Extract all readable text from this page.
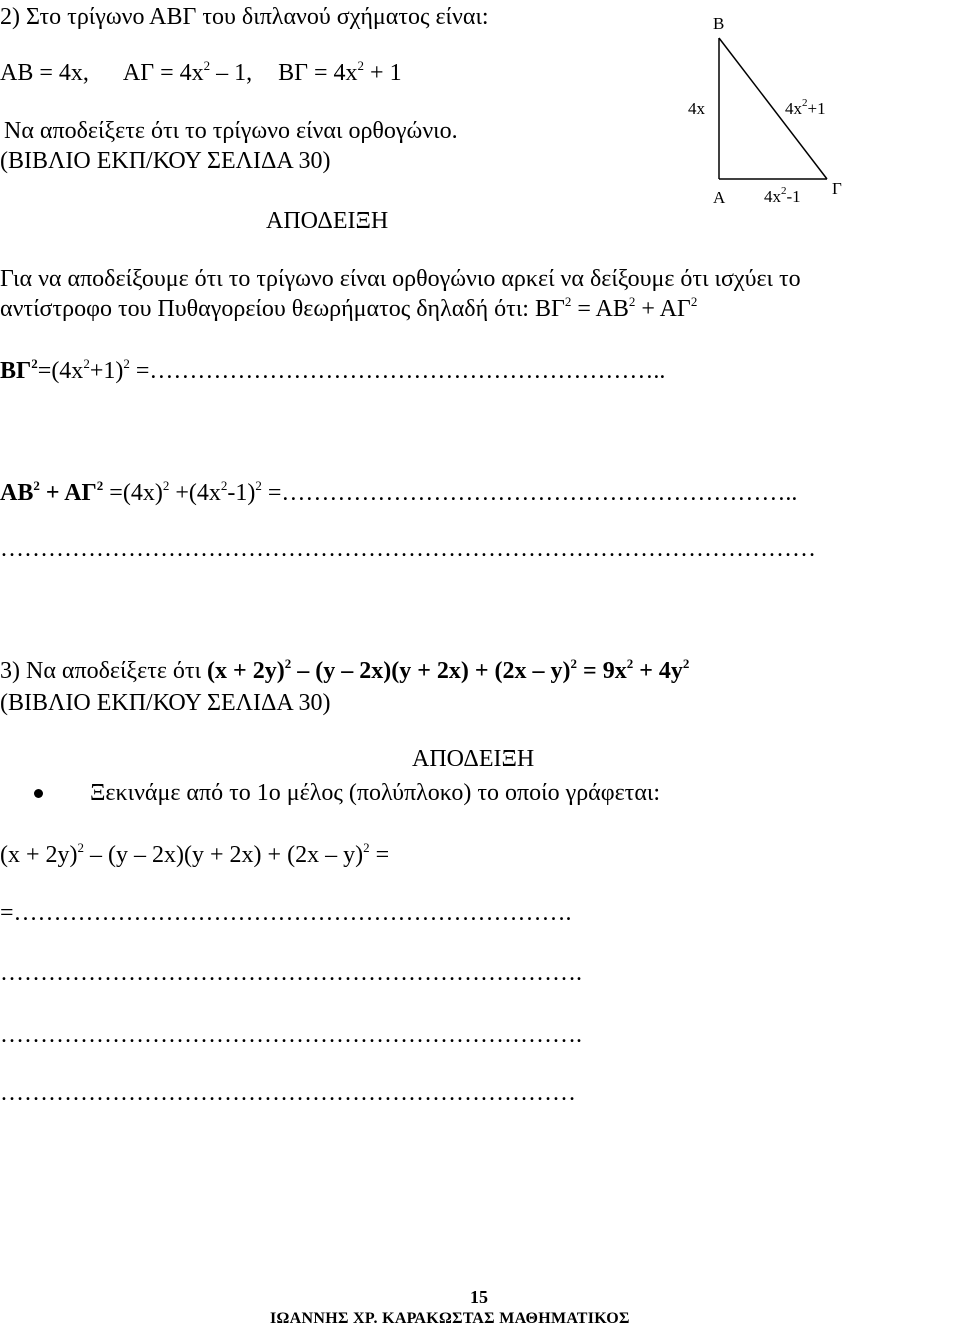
2) Στο τρίγωνο ΑΒΓ του διπλανού σχήματος είναι:
ΑΒ = 4x, $A\Gamma = 4x^2 - 1$, $B\Gamma = 4x^2 + 1$
Να αποδείξετε ότι το τρίγωνο είναι ορθογώνιο.
(ΒΙΒΛΙΟ ΕΚΠ/ΚΟΥ ΣΕΛΙΔΑ 30)
ΑΠΟΔΕΙΞΗ
Β
Α	Γ
4x	$4x^2+1$
$4x^2-1$
Για να αποδείξουμε ότι το τρίγωνο είναι ορθογώνιο αρκεί να δείξουμε ότι ισχύει το
αντίστροφο του Πυθαγορείου θεωρήματος δηλαδή ότι: $B\Gamma^2 = AB^2 + A\Gamma^2$
$B\Gamma^2=(4x^2+1)^2$ =………………………………………………………..
$AB^2 + A\Gamma^2 =(4x)^2 +(4x^2-1)^2$ =………………………………………………………..
…………………………………………………………………………………………
3) Να αποδείξετε ότι $(x + 2y)^2 - (y - 2x)(y + 2x) + (2x - y)^2 = 9x^2 + 4y^2$
(ΒΙΒΛΙΟ ΕΚΠ/ΚΟΥ ΣΕΛΙΔΑ 30)
ΑΠΟΔΕΙΞΗ
Ξεκινάμε από το 1ο μέλος (πολύπλοκο) το οποίο γράφεται:
$(x + 2y)^2 - (y - 2x)(y + 2x) + (2x - y)^2$ =
=…………………………………………………………….
……………………………………………………………….
……………………………………………………………….
………………………………………………………………
15
ΙΩΑΝΝΗΣ ΧΡ. ΚΑΡΑΚΩΣΤΑΣ ΜΑΘΗΜΑΤΙΚΟΣ
